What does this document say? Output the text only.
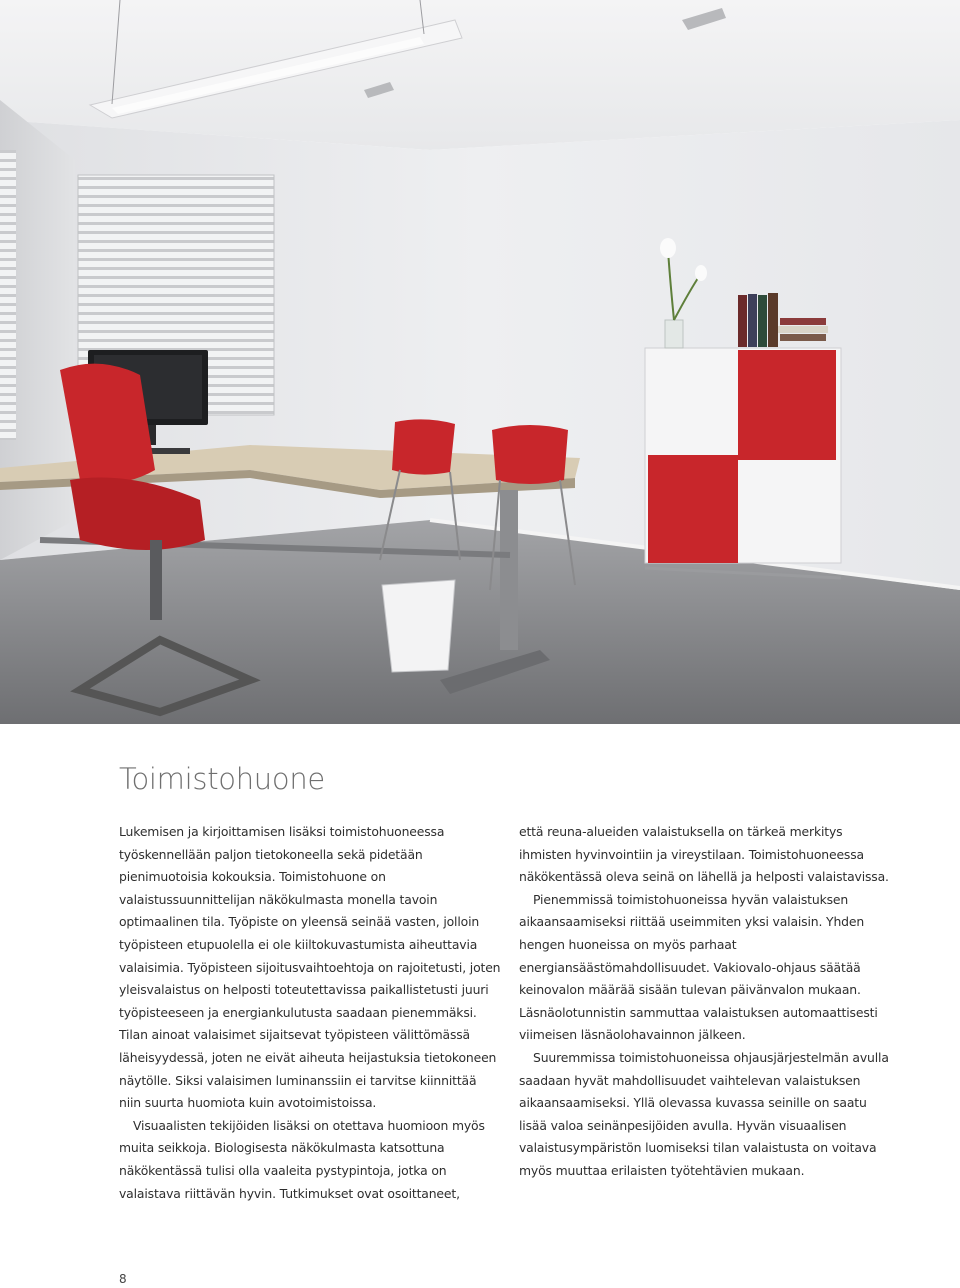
Toimistohuone

Lukemisen ja kirjoittamisen lisäksi toimistohuoneessa työskennellään paljon tietokoneella sekä pidetään pienimuotoisia kokouksia. Toimistohuone on valaistussuunnittelijan näkökulmasta monella tavoin optimaalinen tila. Työpiste on yleensä seinää vasten, jolloin työpisteen etupuolella ei ole kiiltokuvastumista aiheuttavia valaisimia. Työpisteen sijoitusvaihtoehtoja on rajoitetusti, joten yleisvalaistus on helposti toteutettavissa paikallistetusti juuri työpisteeseen ja energiankulutusta saadaan pienemmäksi. Tilan ainoat valaisimet sijaitsevat työpisteen välittömässä läheisyydessä, joten ne eivät aiheuta heijastuksia tietokoneen näytölle. Siksi valaisimen luminanssiin ei tarvitse kiinnittää niin suurta huomiota kuin avotoimistoissa.

Visuaalisten tekijöiden lisäksi on otettava huomioon myös muita seikkoja. Biologisesta näkökulmasta katsottuna näkökentässä tulisi olla vaaleita pystypintoja, jotka on valaistava riittävän hyvin. Tutkimukset ovat osoittaneet,

että reuna-alueiden valaistuksella on tärkeä merkitys ihmisten hyvinvointiin ja vireystilaan. Toimistohuoneessa näkökentässä oleva seinä on lähellä ja helposti valaistavissa.

Pienemmissä toimistohuoneissa hyvän valaistuksen aikaansaamiseksi riittää useimmiten yksi valaisin. Yhden hengen huoneissa on myös parhaat energiansäästömahdollisuudet. Vakiovalo-ohjaus säätää keinovalon määrää sisään tulevan päivänvalon mukaan. Läsnäolotunnistin sammuttaa valaistuksen automaattisesti viimeisen läsnäolohavainnon jälkeen.

Suuremmissa toimistohuoneissa ohjausjärjestelmän avulla saadaan hyvät mahdollisuudet vaihtelevan valaistuksen aikaansaamiseksi. Yllä olevassa kuvassa seinille on saatu lisää valoa seinänpesijöiden avulla. Hyvän visuaalisen valaistusympäristön luomiseksi tilan valaistusta on voitava myös muuttaa erilaisten työtehtävien mukaan.

8
